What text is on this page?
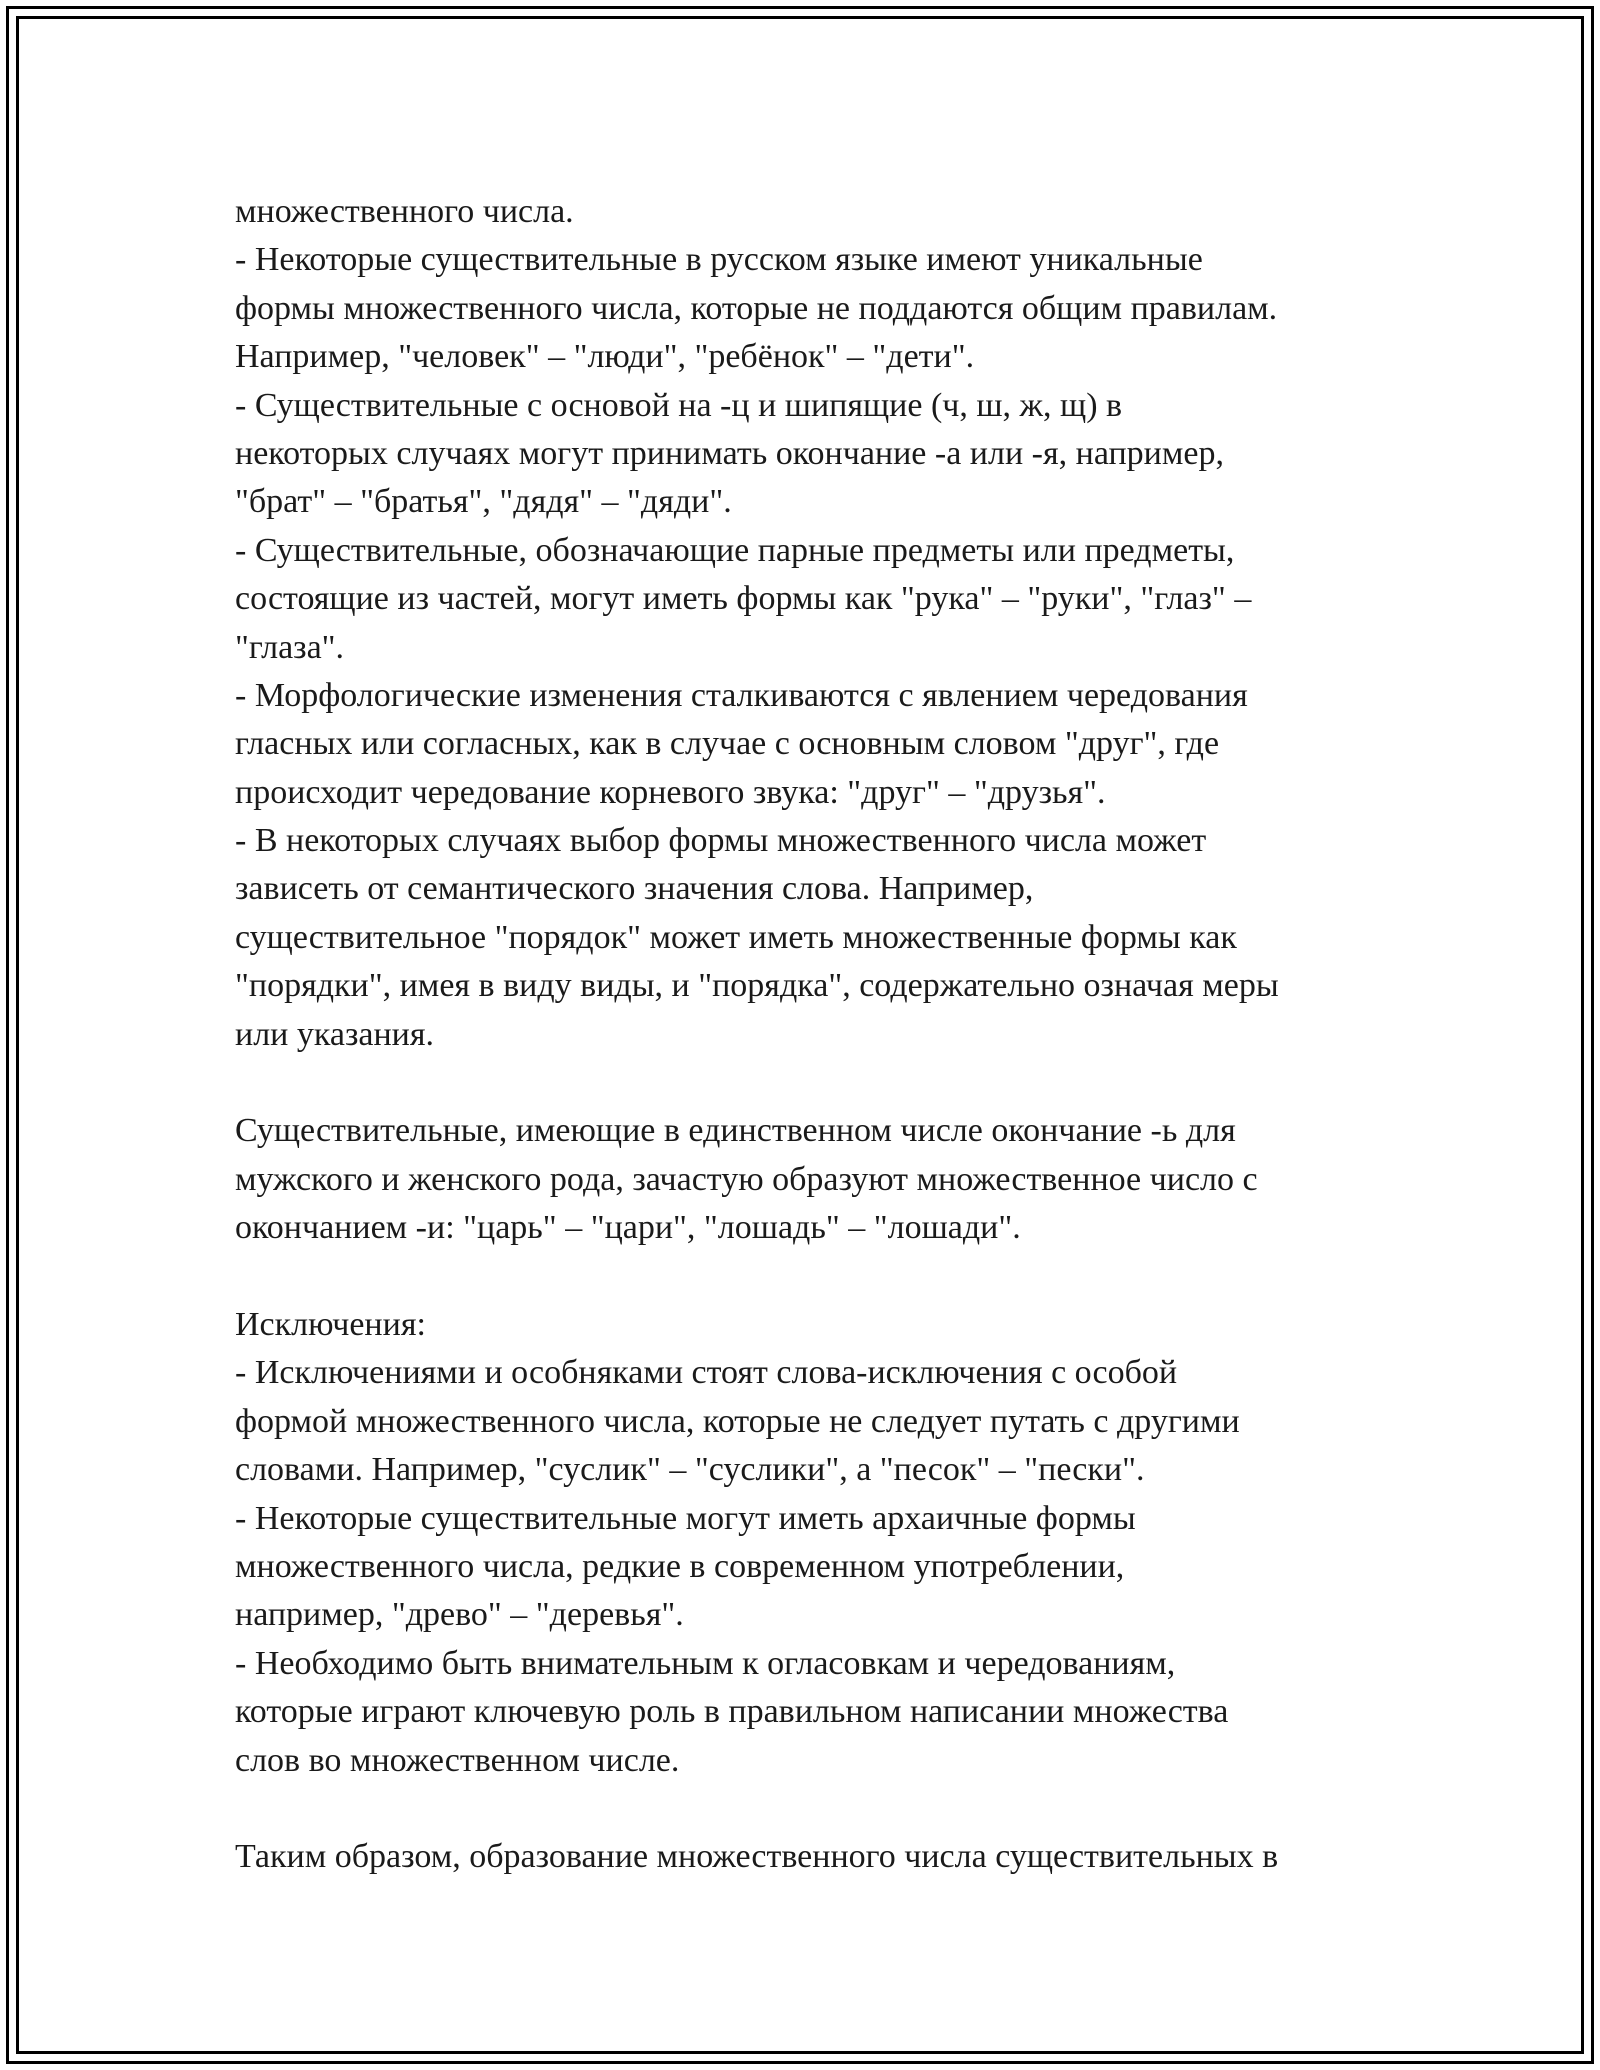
множественного числа.
- Некоторые существительные в русском языке имеют уникальные
формы множественного числа, которые не поддаются общим правилам.
Например, "человек" – "люди", "ребёнок" – "дети".
- Существительные с основой на -ц и шипящие (ч, ш, ж, щ) в
некоторых случаях могут принимать окончание -а или -я, например,
"брат" – "братья", "дядя" – "дяди".
- Существительные, обозначающие парные предметы или предметы,
состоящие из частей, могут иметь формы как "рука" – "руки", "глаз" –
"глаза".
- Морфологические изменения сталкиваются с явлением чередования
гласных или согласных, как в случае с основным словом "друг", где
происходит чередование корневого звука: "друг" – "друзья".
- В некоторых случаях выбор формы множественного числа может
зависеть от семантического значения слова. Например,
существительное "порядок" может иметь множественные формы как
"порядки", имея в виду виды, и "порядка", содержательно означая меры
или указания.
Существительные, имеющие в единственном числе окончание -ь для
мужского и женского рода, зачастую образуют множественное число с
окончанием -и: "царь" – "цари", "лошадь" – "лошади".
Исключения:
- Исключениями и особняками стоят слова-исключения с особой
формой множественного числа, которые не следует путать с другими
словами. Например, "суслик" – "суслики", а "песок" – "пески".
- Некоторые существительные могут иметь архаичные формы
множественного числа, редкие в современном употреблении,
например, "древо" – "деревья".
- Необходимо быть внимательным к огласовкам и чередованиям,
которые играют ключевую роль в правильном написании множества
слов во множественном числе.
Таким образом, образование множественного числа существительных в
